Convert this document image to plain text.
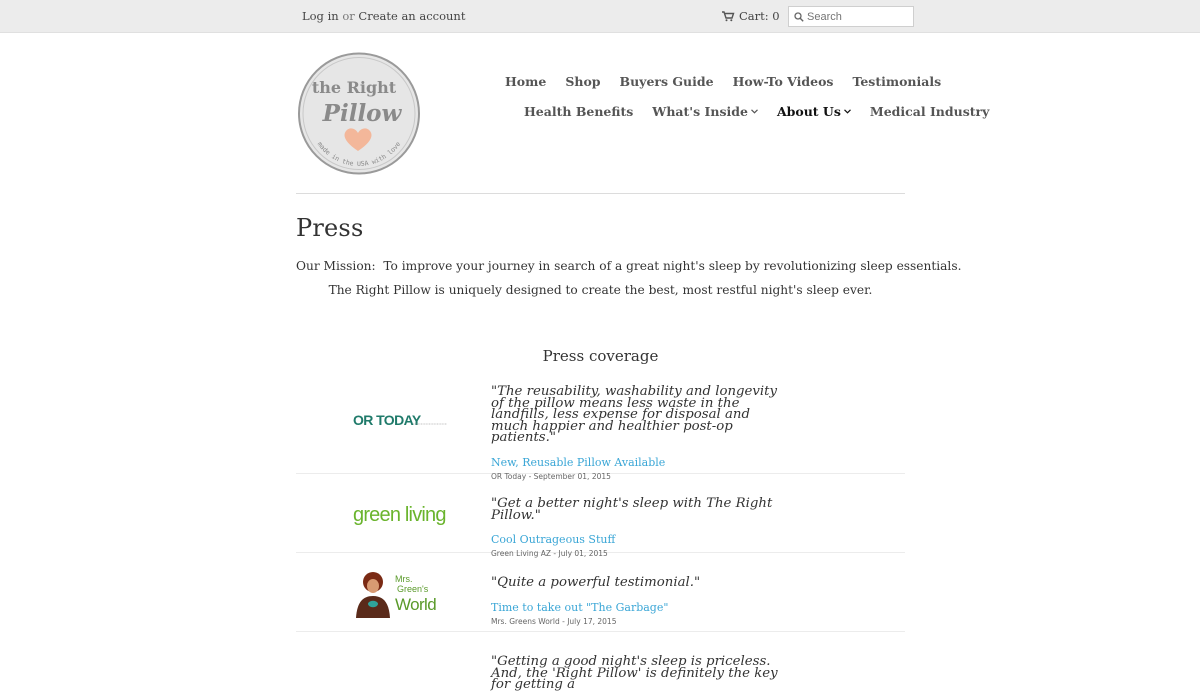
Log in or Create an account	Cart: 0
Search
the Right
Pillow
made in the USA with love
Home Shop Buyers Guide How-To Videos Testimonials
Health Benefits What's Inside About Us Medical Industry
Press

Our Mission:  To improve your journey in search of a great night's sleep by revolutionizing sleep essentials.

The Right Pillow is uniquely designed to create the best, most restful night's sleep ever.

Press coverage
OR TODAY

"The reusability, washability and longevity of the pillow means less waste in the landfills, less expense for disposal and much happier and healthier post-op patients."

New, Reusable Pillow Available

OR Today - September 01, 2015

green living

"Get a better night's sleep with The Right Pillow."

Cool Outrageous Stuff

Green Living AZ - July 01, 2015

Mrs.
Green's
World

"Quite a powerful testimonial."

Time to take out "The Garbage"

Mrs. Greens World - July 17, 2015

"Getting a good night's sleep is priceless. And, the 'Right Pillow' is definitely the key for getting a
